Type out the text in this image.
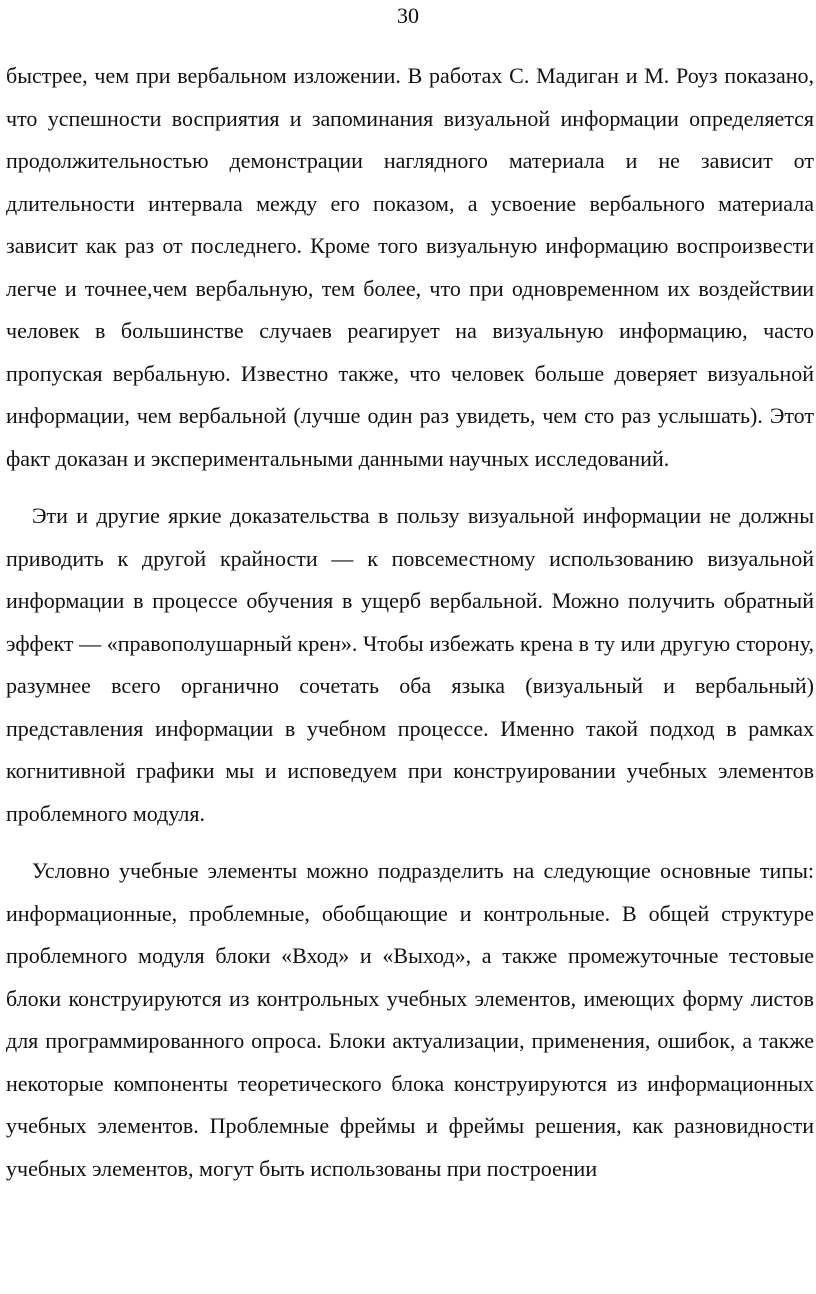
30

быстрее, чем при вербальном изложении. В работах С. Мадиган и М. Роуз показано, что успешности восприятия и запоминания визуальной информации определяется продолжительностью демонстрации наглядного материала и не зависит от длительности интервала между его показом, а усвоение вербального материала зависит как раз от последнего. Кроме того визуальную информацию воспроизвести легче и точнее,чем вербальную, тем более, что при одновременном их воздействии человек в большинстве случаев реагирует на визуальную информацию, часто пропуская вербальную. Известно также, что человек больше доверяет визуальной информации, чем вербальной (лучше один раз увидеть, чем сто раз услышать). Этот факт доказан и экспериментальными данными научных исследований.

Эти и другие яркие доказательства в пользу визуальной информации не должны приводить к другой крайности — к повсеместному использованию визуальной информации в процессе обучения в ущерб вербальной. Можно получить обратный эффект — «правополушарный крен». Чтобы избежать крена в ту или другую сторону, разумнее всего органично сочетать оба языка (визуальный и вербальный) представления информации в учебном процессе. Именно такой подход в рамках когнитивной графики мы и исповедуем при конструировании учебных элементов проблемного модуля.

Условно учебные элементы можно подразделить на следующие основные типы: информационные, проблемные, обобщающие и контрольные. В общей структуре проблемного модуля блоки «Вход» и «Выход», а также промежуточные тестовые блоки конструируются из контрольных учебных элементов, имеющих форму листов для программированного опроса. Блоки актуализации, применения, ошибок, а также некоторые компоненты теоретического блока конструируются из информационных учебных элементов. Проблемные фреймы и фреймы решения, как разновидности учебных элементов, могут быть использованы при построении
